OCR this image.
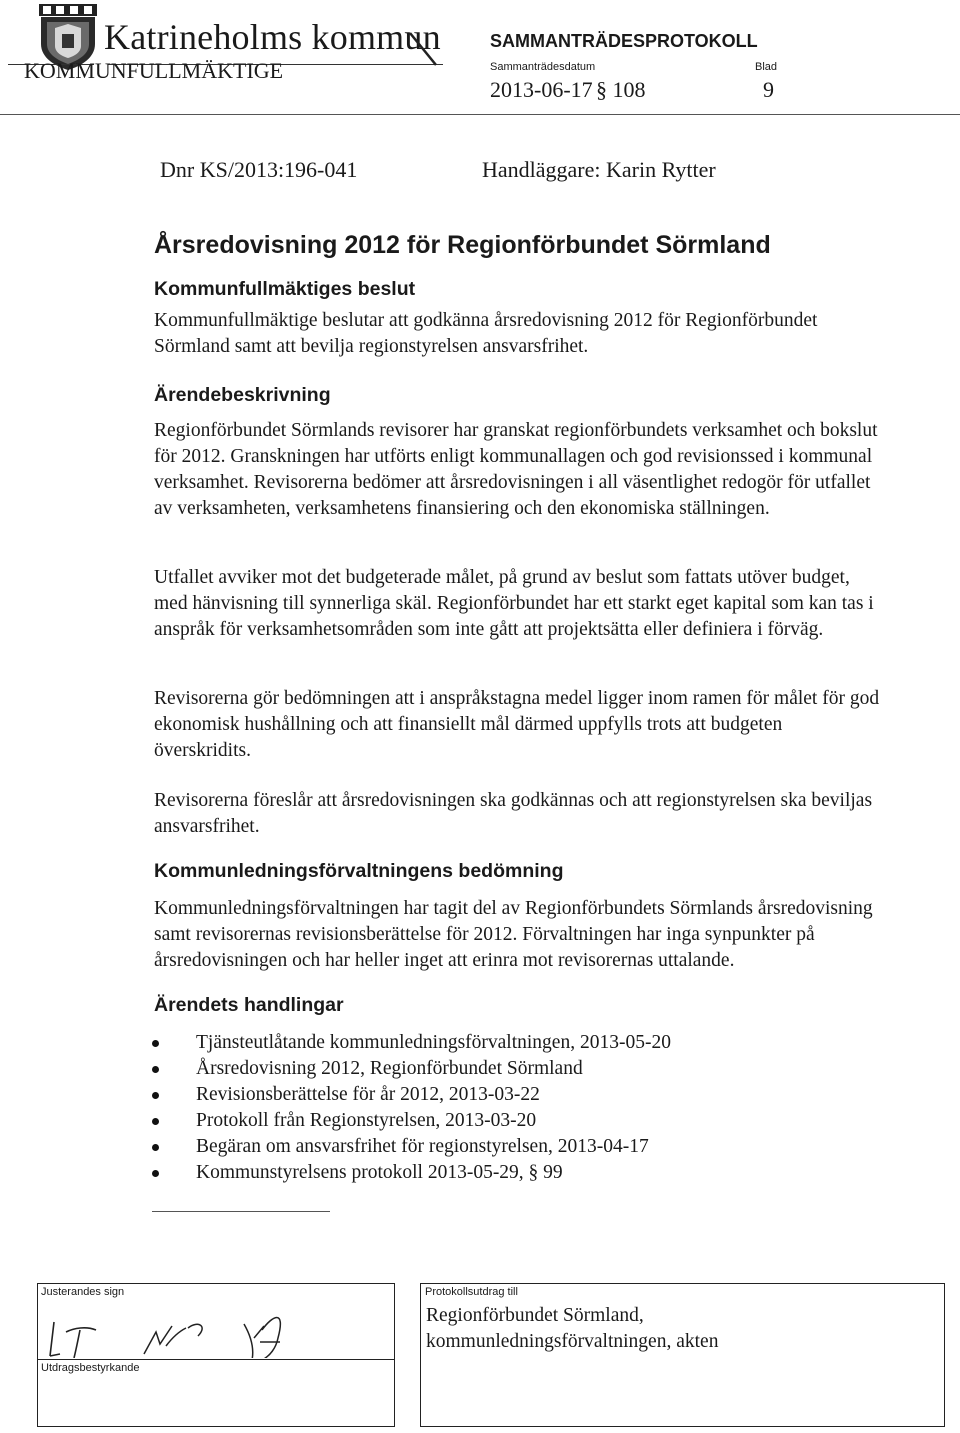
Katrineholms kommun	SAMMANTRÄDESPROTOKOLL
KOMMUNFULLMÄKTIGE	Sammanträdesdatum	Blad
2013-06-17 § 108	9
Dnr KS/2013:196-041	Handläggare: Karin Rytter
Årsredovisning 2012 för Regionförbundet Sörmland
Kommunfullmäktiges beslut
Kommunfullmäktige beslutar att godkänna årsredovisning 2012 för Regionförbundet Sörmland samt att bevilja regionstyrelsen ansvarsfrihet.
Ärendebeskrivning
Regionförbundet Sörmlands revisorer har granskat regionförbundets verksamhet och bokslut för 2012. Granskningen har utförts enligt kommunallagen och god revisionssed i kommunal verksamhet. Revisorerna bedömer att årsredovisningen i all väsentlighet redogör för utfallet av verksamheten, verksamhetens finansiering och den ekonomiska ställningen.
Utfallet avviker mot det budgeterade målet, på grund av beslut som fattats utöver budget, med hänvisning till synnerliga skäl. Regionförbundet har ett starkt eget kapital som kan tas i anspråk för verksamhetsområden som inte gått att projektsätta eller definiera i förväg.
Revisorerna gör bedömningen att i anspråkstagna medel ligger inom ramen för målet för god ekonomisk hushållning och att finansiellt mål därmed uppfylls trots att budgeten överskridits.
Revisorerna föreslår att årsredovisningen ska godkännas och att regionstyrelsen ska beviljas ansvarsfrihet.
Kommunledningsförvaltningens bedömning
Kommunledningsförvaltningen har tagit del av Regionförbundets Sörmlands årsredovisning samt revisorernas revisionsberättelse för 2012. Förvaltningen har inga synpunkter på årsredovisningen och har heller inget att erinra mot revisorernas uttalande.
Ärendets handlingar
Tjänsteutlåtande kommunledningsförvaltningen, 2013-05-20
Årsredovisning 2012, Regionförbundet Sörmland
Revisionsberättelse för år 2012, 2013-03-22
Protokoll från Regionstyrelsen, 2013-03-20
Begäran om ansvarsfrihet för regionstyrelsen, 2013-04-17
Kommunstyrelsens protokoll 2013-05-29, § 99
Justerandes sign
Utdragsbestyrkande
Protokollsutdrag till
Regionförbundet Sörmland,
kommunledningsförvaltningen, akten
